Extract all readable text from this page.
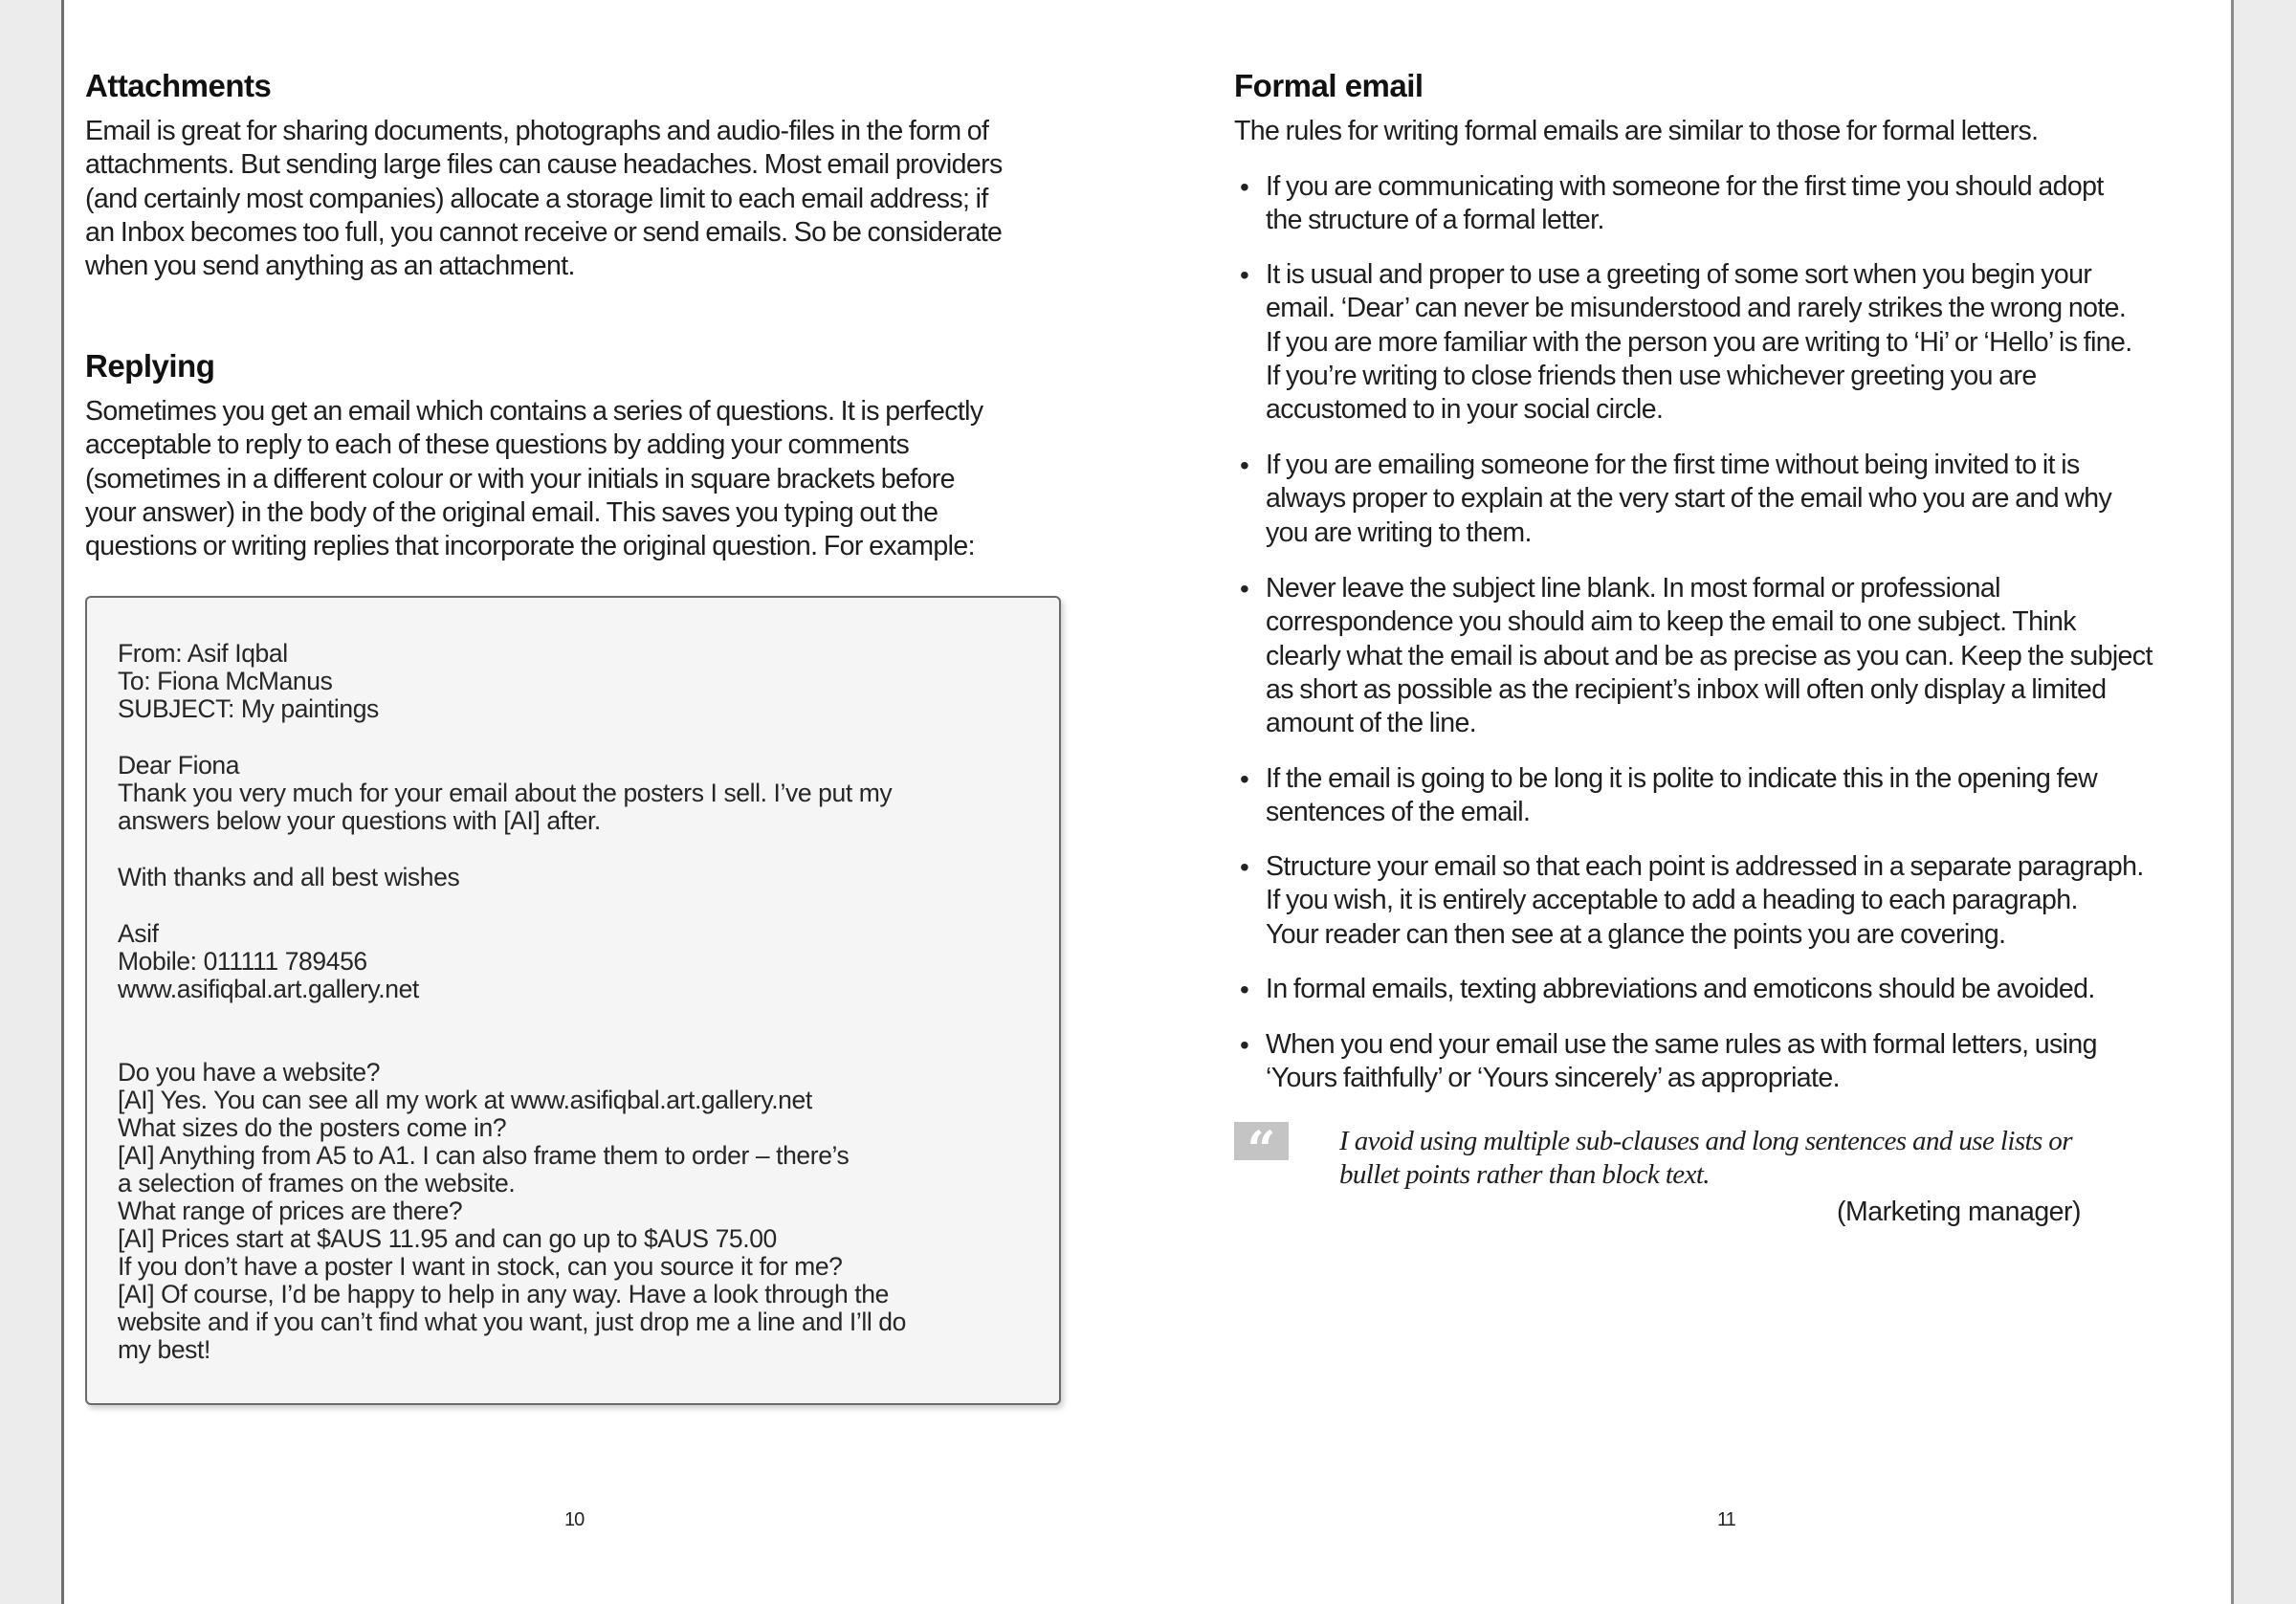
Attachments

Email is great for sharing documents, photographs and audio-files in the form of
attachments. But sending large files can cause headaches. Most email providers
(and certainly most companies) allocate a storage limit to each email address; if
an Inbox becomes too full, you cannot receive or send emails. So be considerate
when you send anything as an attachment.

Replying

Sometimes you get an email which contains a series of questions. It is perfectly
acceptable to reply to each of these questions by adding your comments
(sometimes in a different colour or with your initials in square brackets before
your answer) in the body of the original email. This saves you typing out the
questions or writing replies that incorporate the original question. For example:

From: Asif Iqbal
To: Fiona McManus
SUBJECT: My paintings
Dear Fiona
Thank you very much for your email about the posters I sell. I’ve put my
answers below your questions with [AI] after.
With thanks and all best wishes
Asif
Mobile: 011111 789456
www.asifiqbal.art.gallery.net
Do you have a website?
[AI] Yes. You can see all my work at www.asifiqbal.art.gallery.net
What sizes do the posters come in?
[AI] Anything from A5 to A1. I can also frame them to order – there’s
a selection of frames on the website.
What range of prices are there?
[AI] Prices start at $AUS 11.95 and can go up to $AUS 75.00
If you don’t have a poster I want in stock, can you source it for me?
[AI] Of course, I’d be happy to help in any way. Have a look through the
website and if you can’t find what you want, just drop me a line and I’ll do
my best!
10
Formal email

The rules for writing formal emails are similar to those for formal letters.

• If you are communicating with someone for the first time you should adopt
the structure of a formal letter.
• It is usual and proper to use a greeting of some sort when you begin your
email. ‘Dear’ can never be misunderstood and rarely strikes the wrong note.
If you are more familiar with the person you are writing to ‘Hi’ or ‘Hello’ is fine.
If you’re writing to close friends then use whichever greeting you are
accustomed to in your social circle.
• If you are emailing someone for the first time without being invited to it is
always proper to explain at the very start of the email who you are and why
you are writing to them.
• Never leave the subject line blank. In most formal or professional
correspondence you should aim to keep the email to one subject. Think
clearly what the email is about and be as precise as you can. Keep the subject
as short as possible as the recipient’s inbox will often only display a limited
amount of the line.
• If the email is going to be long it is polite to indicate this in the opening few
sentences of the email.
• Structure your email so that each point is addressed in a separate paragraph.
If you wish, it is entirely acceptable to add a heading to each paragraph.
Your reader can then see at a glance the points you are covering.
• In formal emails, texting abbreviations and emoticons should be avoided.
• When you end your email use the same rules as with formal letters, using
‘Yours faithfully’ or ‘Yours sincerely’ as appropriate.
“	I avoid using multiple sub-clauses and long sentences and use lists or
bullet points rather than block text.
(Marketing manager)
11
